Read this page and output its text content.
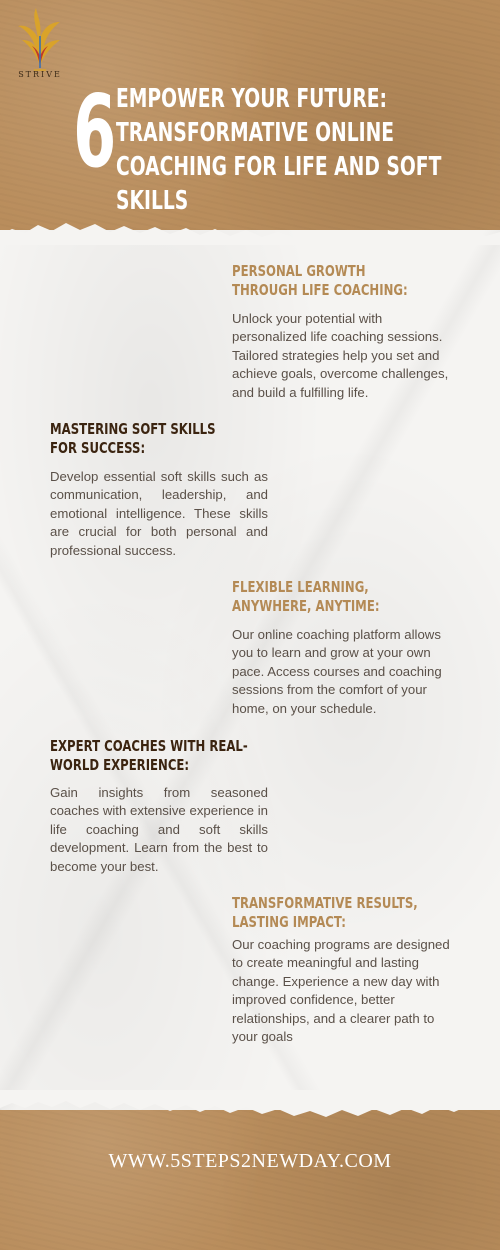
STRIVE 6 EMPOWER YOUR FUTURE: TRANSFORMATIVE ONLINE COACHING FOR LIFE AND SOFT SKILLS
PERSONAL GROWTH THROUGH LIFE COACHING:
Unlock your potential with personalized life coaching sessions. Tailored strategies help you set and achieve goals, overcome challenges, and build a fulfilling life.
MASTERING SOFT SKILLS FOR SUCCESS:
Develop essential soft skills such as communication, leadership, and emotional intelligence. These skills are crucial for both personal and professional success.
FLEXIBLE LEARNING, ANYWHERE, ANYTIME:
Our online coaching platform allows you to learn and grow at your own pace. Access courses and coaching sessions from the comfort of your home, on your schedule.
EXPERT COACHES WITH REAL-WORLD EXPERIENCE:
Gain insights from seasoned coaches with extensive experience in life coaching and soft skills development. Learn from the best to become your best.
TRANSFORMATIVE RESULTS, LASTING IMPACT:
Our coaching programs are designed to create meaningful and lasting change. Experience a new day with improved confidence, better relationships, and a clearer path to your goals
WWW.5STEPS2NEWDAY.COM
